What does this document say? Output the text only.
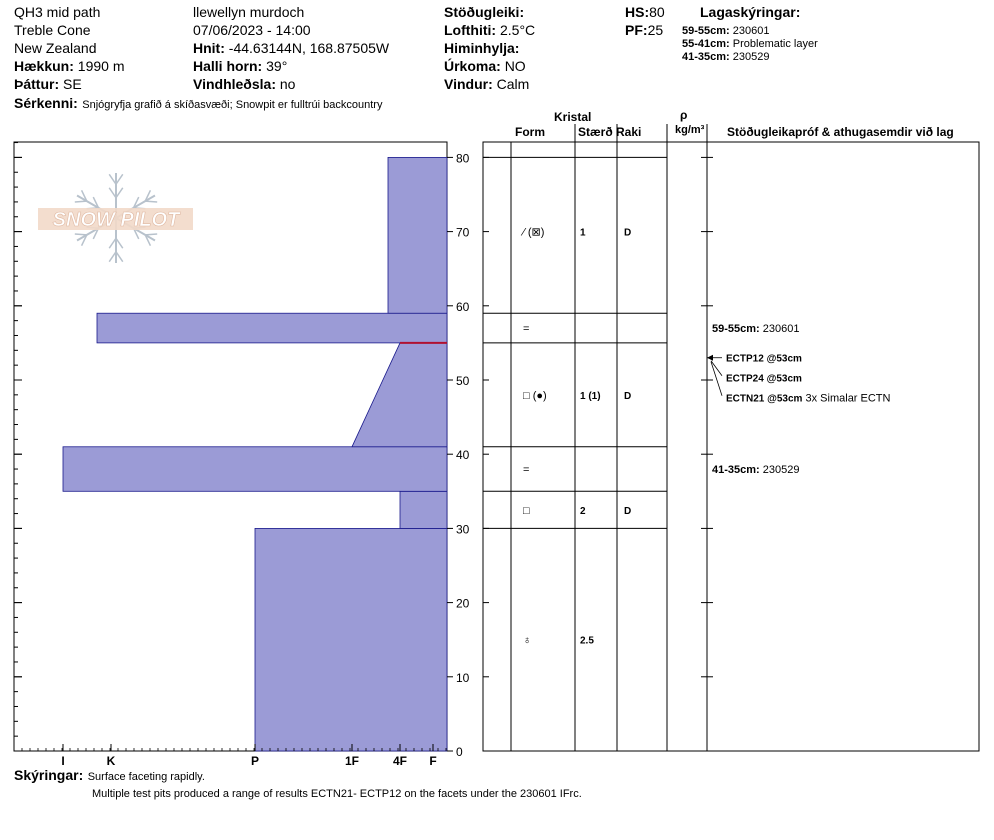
QH3 mid path
Treble Cone
New Zealand
Hækkun: 1990 m
Þáttur: SE
llewellyn murdoch
07/06/2023 - 14:00
Hnit: -44.63144N, 168.87505W
Halli horn: 39°
Vindhleðsla: no
Stöðugleiki:
Lofthiti: 2.5°C
Himinhylja:
Úrkoma: NO
Vindur: Calm
HS:80
PF:25
Lagaskýringar:
59-55cm: 230601
55-41cm: Problematic layer
41-35cm: 230529
Sérkenni: Snjógryfja grafið á skíðasvæði; Snowpit er fulltrúi backcountry
Kristal
Form	Stærð Raki
ρ
kg/m³ Stöðugleikapróf & athugasemdir við lag
0
10
20
30
40
50
60
70
80
I	K	P	1F	4F F
⁄ (⊠)	1	D
=
□ (●)	1 (1) D
=
□	2	D
♁	2.5
59-55cm: 230601
41-35cm: 230529
ECTP12 @53cm
ECTP24 @53cm
ECTN21 @53cm 3x Simalar ECTN
SNOW PILOT
Skýringar: Surface faceting rapidly.
Multiple test pits produced a range of results ECTN21- ECTP12 on the facets under the 230601 IFrc.
